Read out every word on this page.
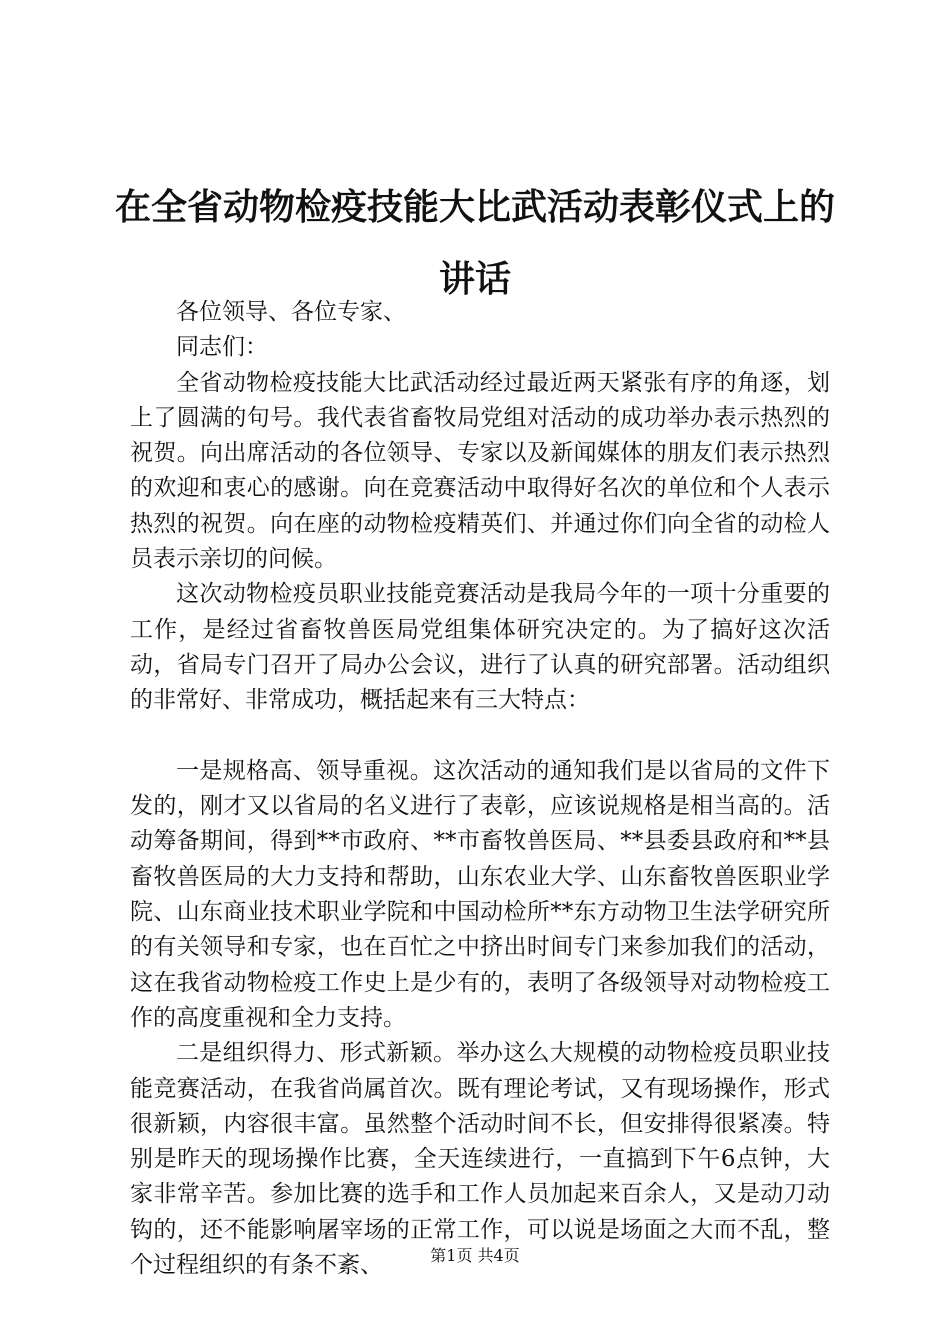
在全省动物检疫技能大比武活动表彰仪式上的
讲话

各位领导、各位专家、

同志们：

全省动物检疫技能大比武活动经过最近两天紧张有序的角逐，划上了圆满的句号。我代表省畜牧局党组对活动的成功举办表示热烈的祝贺。向出席活动的各位领导、专家以及新闻媒体的朋友们表示热烈的欢迎和衷心的感谢。向在竞赛活动中取得好名次的单位和个人表示热烈的祝贺。向在座的动物检疫精英们、并通过你们向全省的动检人员表示亲切的问候。

这次动物检疫员职业技能竞赛活动是我局今年的一项十分重要的工作，是经过省畜牧兽医局党组集体研究决定的。为了搞好这次活动，省局专门召开了局办公会议，进行了认真的研究部署。活动组织的非常好、非常成功，概括起来有三大特点：

一是规格高、领导重视。这次活动的通知我们是以省局的文件下发的，刚才又以省局的名义进行了表彰，应该说规格是相当高的。活动筹备期间，得到**市政府、**市畜牧兽医局、**县委县政府和**县畜牧兽医局的大力支持和帮助，山东农业大学、山东畜牧兽医职业学院、山东商业技术职业学院和中国动检所**东方动物卫生法学研究所的有关领导和专家，也在百忙之中挤出时间专门来参加我们的活动，这在我省动物检疫工作史上是少有的，表明了各级领导对动物检疫工作的高度重视和全力支持。

二是组织得力、形式新颖。举办这么大规模的动物检疫员职业技能竞赛活动，在我省尚属首次。既有理论考试，又有现场操作，形式很新颖，内容很丰富。虽然整个活动时间不长，但安排得很紧凑。特别是昨天的现场操作比赛，全天连续进行，一直搞到下午6点钟，大家非常辛苦。参加比赛的选手和工作人员加起来百余人，又是动刀动钩的，还不能影响屠宰场的正常工作，可以说是场面之大而不乱，整个过程组织的有条不紊、	第1页 共4页
